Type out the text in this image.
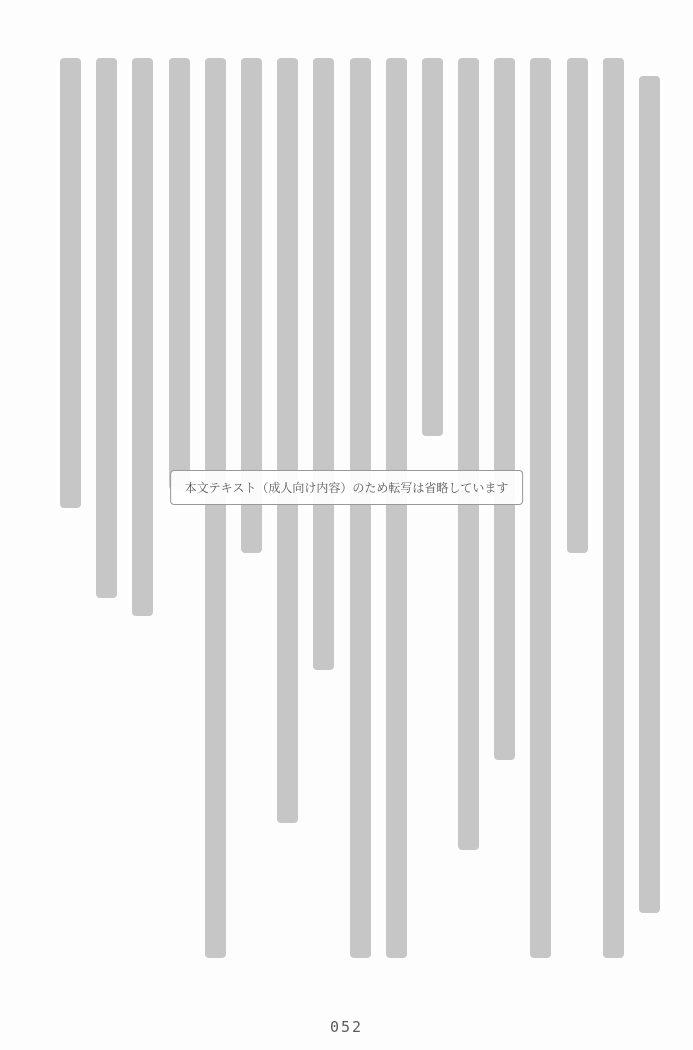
本文テキスト（成人向け内容）のため転写は省略しています
052
